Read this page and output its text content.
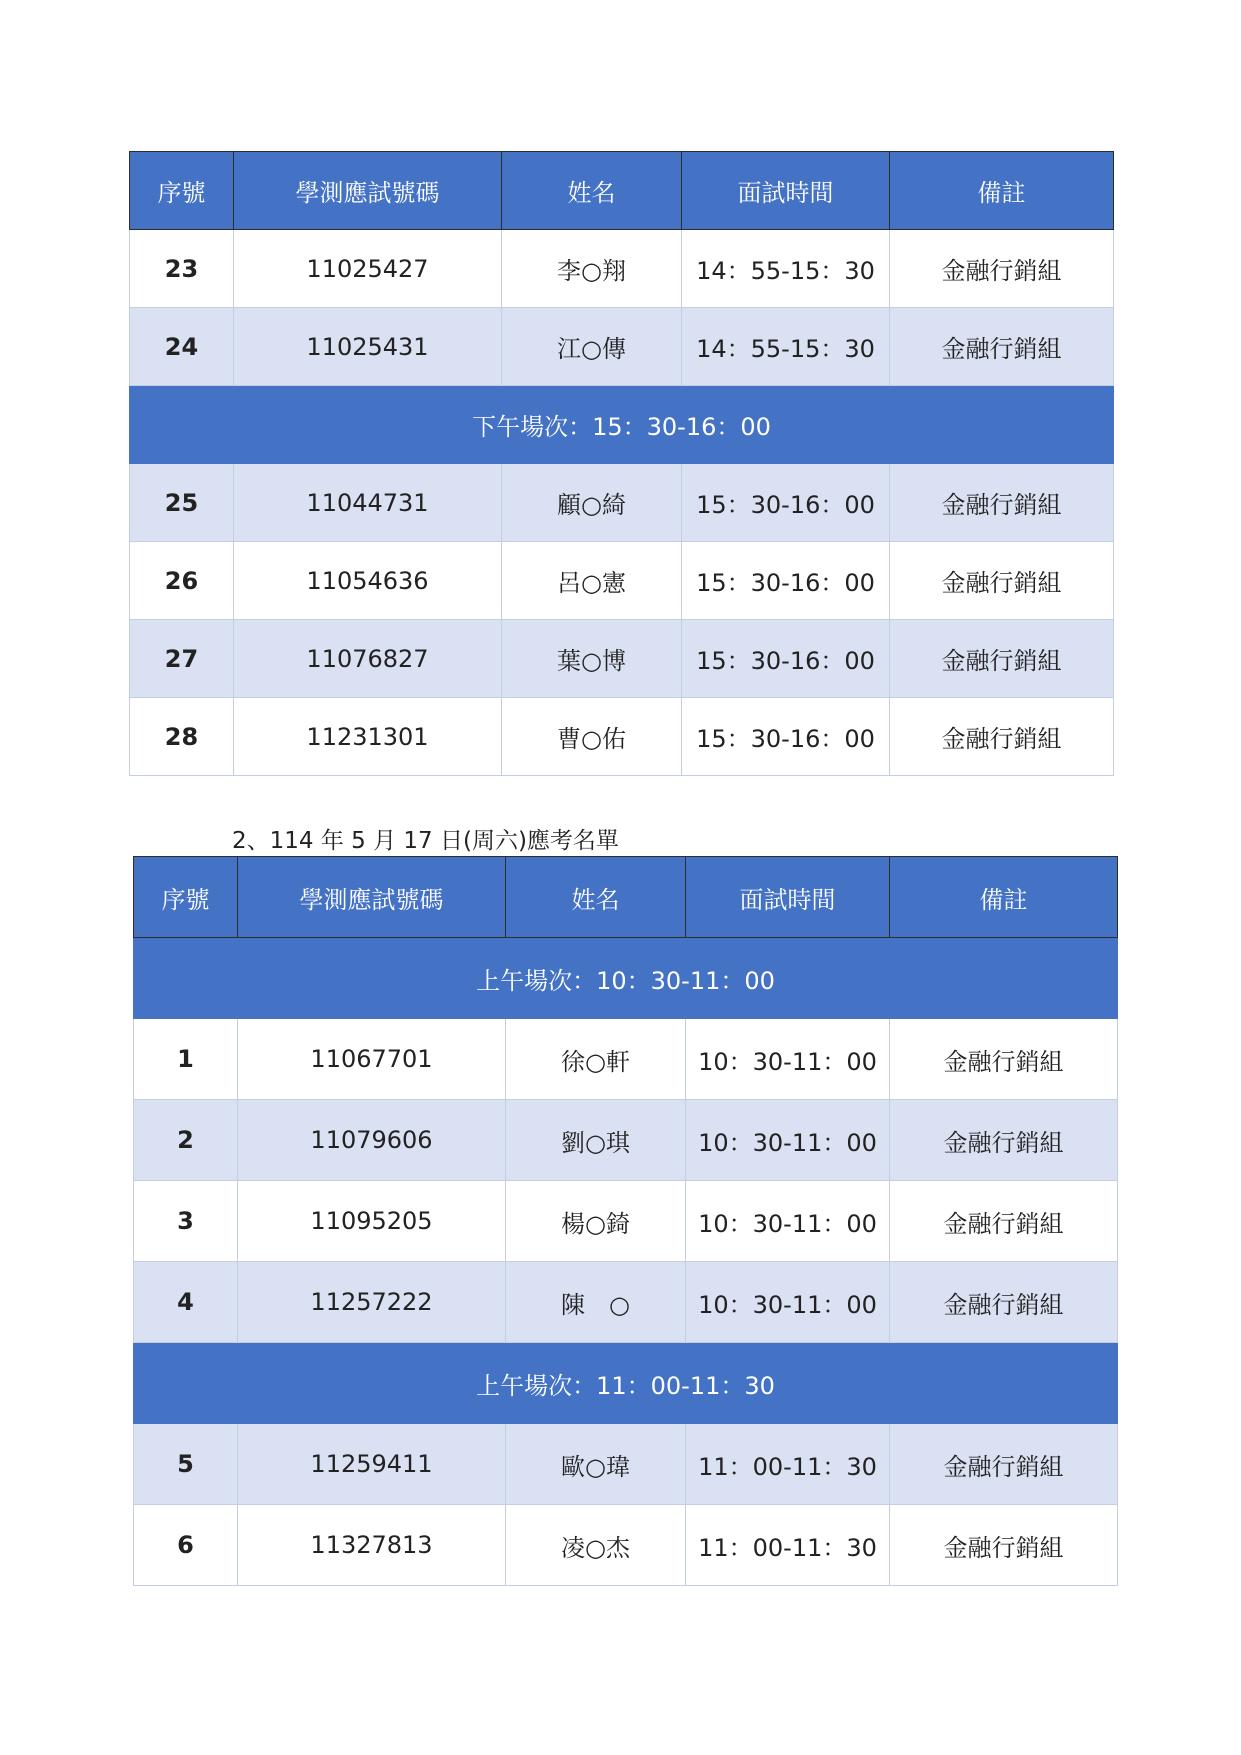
序號	學測應試號碼	姓名	面試時間	備註
23	11025427	李○翔	14：55-15：30	金融行銷組
24	11025431	江○傳	14：55-15：30	金融行銷組
下午場次：15：30-16：00				
25	11044731	顧○綺	15：30-16：00	金融行銷組
26	11054636	呂○憲	15：30-16：00	金融行銷組
27	11076827	葉○博	15：30-16：00	金融行銷組
28	11231301	曹○佑	15：30-16：00	金融行銷組
2、114 年 5 月 17 日(周六)應考名單
序號	學測應試號碼	姓名	面試時間	備註
上午場次：10：30-11：00				
1	11067701	徐○軒	10：30-11：00	金融行銷組
2	11079606	劉○琪	10：30-11：00	金融行銷組
3	11095205	楊○錡	10：30-11：00	金融行銷組
4	11257222	陳　○	10：30-11：00	金融行銷組
上午場次：11：00-11：30				
5	11259411	歐○瑋	11：00-11：30	金融行銷組
6	11327813	凌○杰	11：00-11：30	金融行銷組
